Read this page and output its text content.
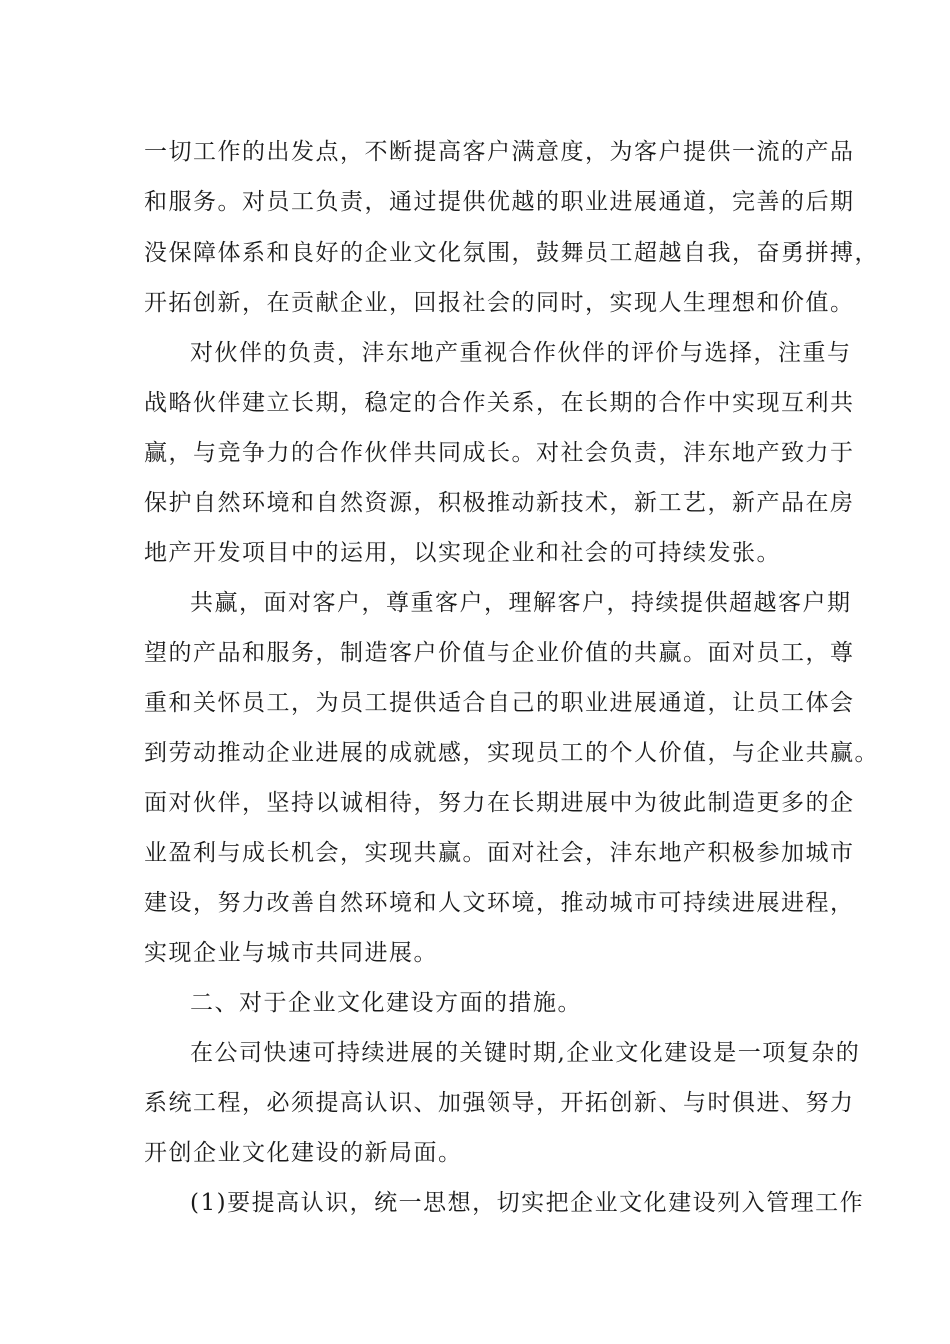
一切工作的出发点，不断提高客户满意度，为客户提供一流的产品
和服务。对员工负责，通过提供优越的职业进展通道，完善的后期
没保障体系和良好的企业文化氛围，鼓舞员工超越自我，奋勇拼搏，
开拓创新，在贡献企业，回报社会的同时，实现人生理想和价值。
对伙伴的负责，沣东地产重视合作伙伴的评价与选择，注重与
战略伙伴建立长期，稳定的合作关系，在长期的合作中实现互利共
赢，与竞争力的合作伙伴共同成长。对社会负责，沣东地产致力于
保护自然环境和自然资源，积极推动新技术，新工艺，新产品在房
地产开发项目中的运用，以实现企业和社会的可持续发张。
共赢，面对客户，尊重客户，理解客户，持续提供超越客户期
望的产品和服务，制造客户价值与企业价值的共赢。面对员工，尊
重和关怀员工，为员工提供适合自己的职业进展通道，让员工体会
到劳动推动企业进展的成就感，实现员工的个人价值，与企业共赢。
面对伙伴，坚持以诚相待，努力在长期进展中为彼此制造更多的企
业盈利与成长机会，实现共赢。面对社会，沣东地产积极参加城市
建设，努力改善自然环境和人文环境，推动城市可持续进展进程，
实现企业与城市共同进展。
二、对于企业文化建设方面的措施。
在公司快速可持续进展的关键时期,企业文化建设是一项复杂的
系统工程，必须提高认识、加强领导，开拓创新、与时俱进、努力
开创企业文化建设的新局面。
(1)要提高认识，统一思想，切实把企业文化建设列入管理工作
